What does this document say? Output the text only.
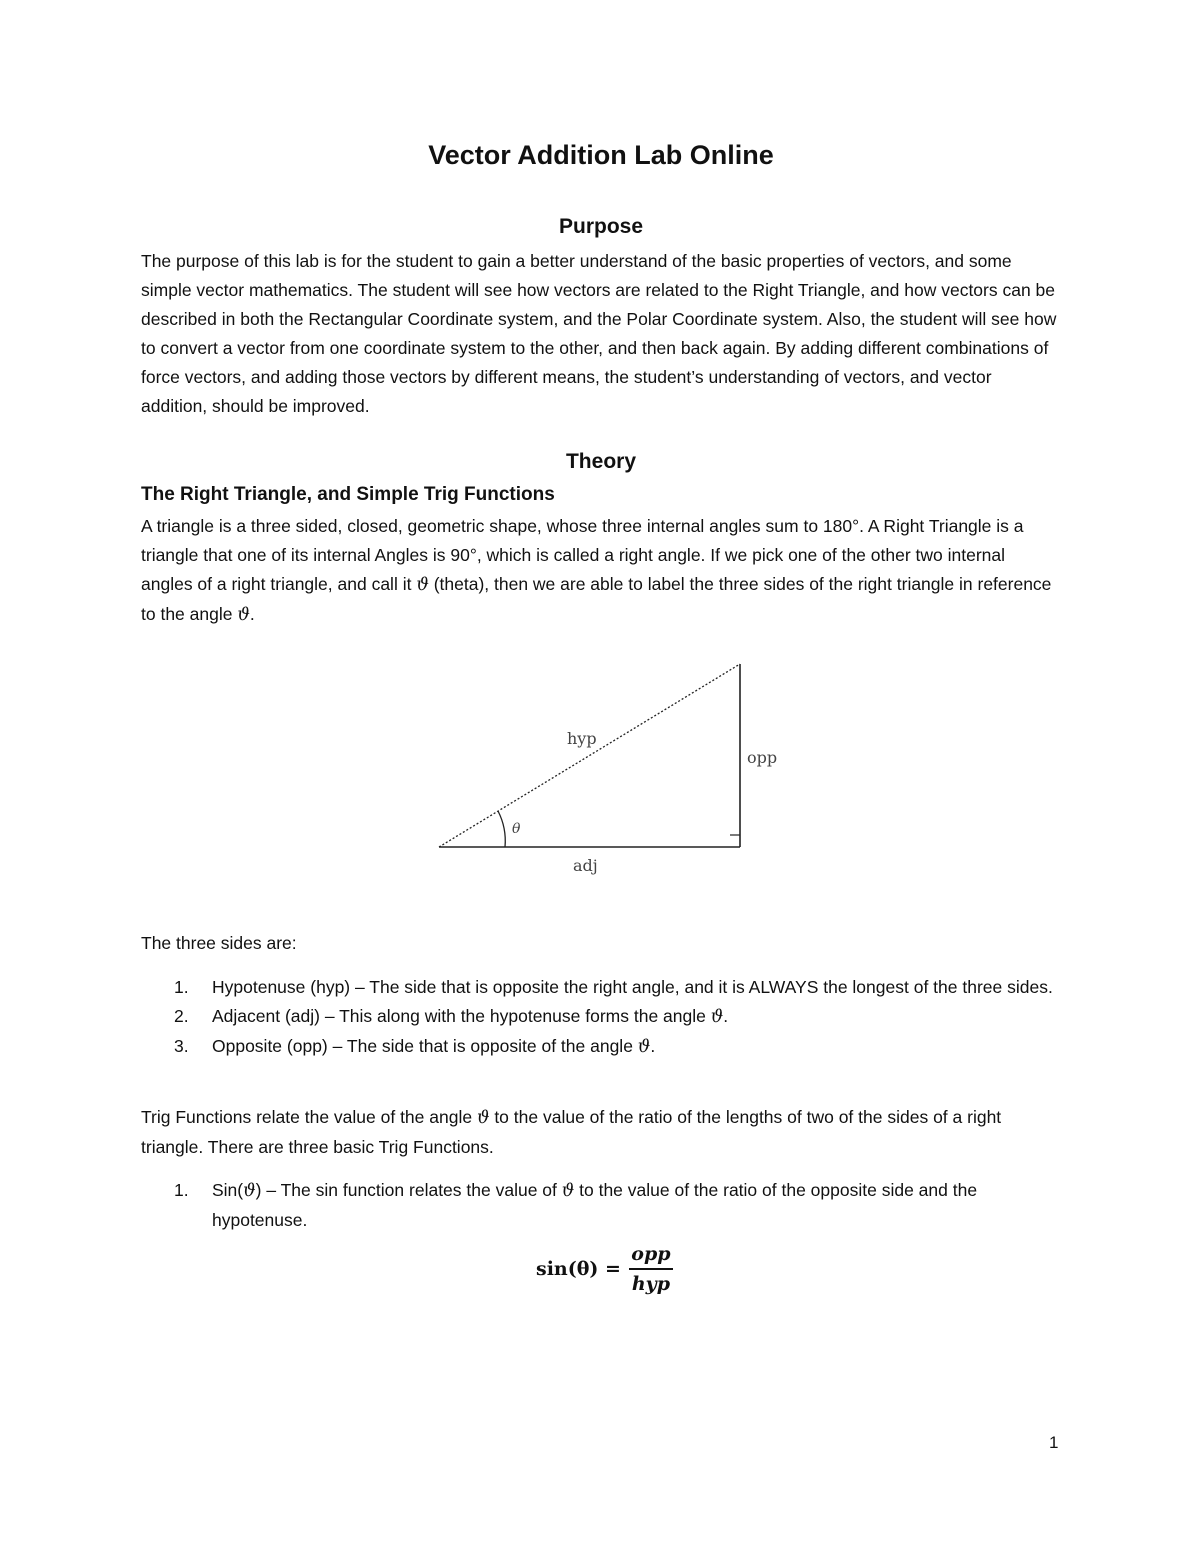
Vector Addition Lab Online
Purpose

The purpose of this lab is for the student to gain a better understand of the basic properties of vectors, and some simple vector mathematics. The student will see how vectors are related to the Right Triangle, and how vectors can be described in both the Rectangular Coordinate system, and the Polar Coordinate system. Also, the student will see how to convert a vector from one coordinate system to the other, and then back again. By adding different combinations of force vectors, and adding those vectors by different means, the student’s understanding of vectors, and vector addition, should be improved.

Theory
The Right Triangle, and Simple Trig Functions

A triangle is a three sided, closed, geometric shape, whose three internal angles sum to 180°. A Right Triangle is a triangle that one of its internal Angles is 90°, which is called a right angle. If we pick one of the other two internal angles of a right triangle, and call it ϑ (theta), then we are able to label the three sides of the right triangle in reference to the angle ϑ.

The three sides are:

1. Hypotenuse (hyp) – The side that is opposite the right angle, and it is ALWAYS the longest of the three sides.
2. Adjacent (adj) – This along with the hypotenuse forms the angle ϑ.
3. Opposite (opp) – The side that is opposite of the angle ϑ.

Trig Functions relate the value of the angle ϑ to the value of the ratio of the lengths of two of the sides of a right triangle. There are three basic Trig Functions.

1. Sin(ϑ) – The sin function relates the value of ϑ to the value of the ratio of the opposite side and the hypotenuse.
hyp
opp
adj
θ
$\sin(\theta) = \frac{\text{opp}}{\text{hyp}}$
1
